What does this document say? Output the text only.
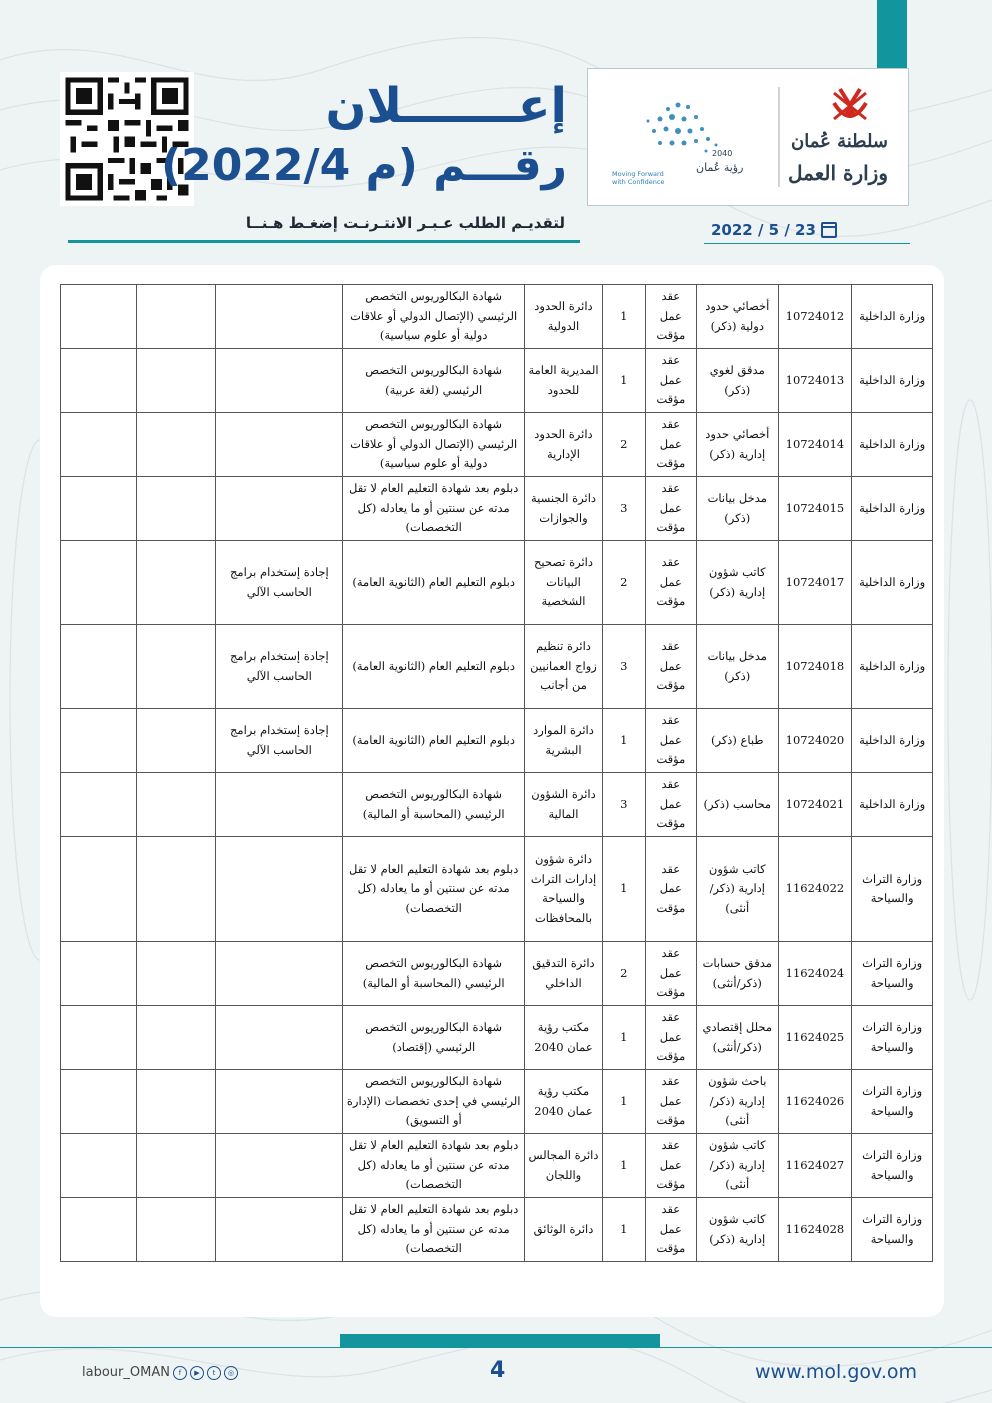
سلطنة عُمان
وزارة العمل
رؤية عُمان
2040
Moving Forward
with Confidence
إعـــــــلان
رقـــم (م 2022/4)
لتقديـم الطلب عـبـر الانتـرنـت إضغـط هـنــا	2022 / 5 / 23
وزارة الداخلية	10724012	أخصائي حدود دولية (ذكر)	عقد عمل مؤقت	1	دائرة الحدود الدولية	شهادة البكالوريوس التخصص الرئيسي (الإتصال الدولي أو علاقات دولية أو علوم سياسية)			
وزارة الداخلية	10724013	مدقق لغوي (ذكر)	عقد عمل مؤقت	1	المديرية العامة للحدود	شهادة البكالوريوس التخصص الرئيسي (لغة عربية)			
وزارة الداخلية	10724014	أخصائي حدود إدارية (ذكر)	عقد عمل مؤقت	2	دائرة الحدود الإدارية	شهادة البكالوريوس التخصص الرئيسي (الإتصال الدولي أو علاقات دولية أو علوم سياسية)			
وزارة الداخلية	10724015	مدخل بيانات (ذكر)	عقد عمل مؤقت	3	دائرة الجنسية والجوازات	دبلوم بعد شهادة التعليم العام لا تقل مدته عن سنتين أو ما يعادله (كل التخصصات)			
وزارة الداخلية	10724017	كاتب شؤون إدارية (ذكر)	عقد عمل مؤقت	2	دائرة تصحيح البيانات الشخصية	دبلوم التعليم العام (الثانوية العامة)	إجادة إستخدام برامج الحاسب الآلي		
وزارة الداخلية	10724018	مدخل بيانات (ذكر)	عقد عمل مؤقت	3	دائرة تنظيم زواج العمانيين من أجانب	دبلوم التعليم العام (الثانوية العامة)	إجادة إستخدام برامج الحاسب الآلي		
وزارة الداخلية	10724020	طباع (ذكر)	عقد عمل مؤقت	1	دائرة الموارد البشرية	دبلوم التعليم العام (الثانوية العامة)	إجادة إستخدام برامج الحاسب الآلي		
وزارة الداخلية	10724021	محاسب (ذكر)	عقد عمل مؤقت	3	دائرة الشؤون المالية	شهادة البكالوريوس التخصص الرئيسي (المحاسبة أو المالية)			
وزارة التراث والسياحة	11624022	كاتب شؤون إدارية (ذكر/ أنثى)	عقد عمل مؤقت	1	دائرة شؤون إدارات التراث والسياحة بالمحافظات	دبلوم بعد شهادة التعليم العام لا تقل مدته عن سنتين أو ما يعادله (كل التخصصات)			
وزارة التراث والسياحة	11624024	مدقق حسابات (ذكر/أنثى)	عقد عمل مؤقت	2	دائرة التدقيق الداخلي	شهادة البكالوريوس التخصص الرئيسي (المحاسبة أو المالية)			
وزارة التراث والسياحة	11624025	محلل إقتصادي (ذكر/أنثى)	عقد عمل مؤقت	1	مكتب رؤية عمان 2040	شهادة البكالوريوس التخصص الرئيسي (إقتصاد)			
وزارة التراث والسياحة	11624026	باحث شؤون إدارية (ذكر/ أنثى)	عقد عمل مؤقت	1	مكتب رؤية عمان 2040	شهادة البكالوريوس التخصص الرئيسي في إحدى تخصصات (الإدارة أو التسويق)			
وزارة التراث والسياحة	11624027	كاتب شؤون إدارية (ذكر/ أنثى)	عقد عمل مؤقت	1	دائرة المجالس واللجان	دبلوم بعد شهادة التعليم العام لا تقل مدته عن سنتين أو ما يعادله (كل التخصصات)			
وزارة التراث والسياحة	11624028	كاتب شؤون إدارية (ذكر)	عقد عمل مؤقت	1	دائرة الوثائق	دبلوم بعد شهادة التعليم العام لا تقل مدته عن سنتين أو ما يعادله (كل التخصصات)			
labour_OMAN	f	▶	t	◎	4	www.mol.gov.om
